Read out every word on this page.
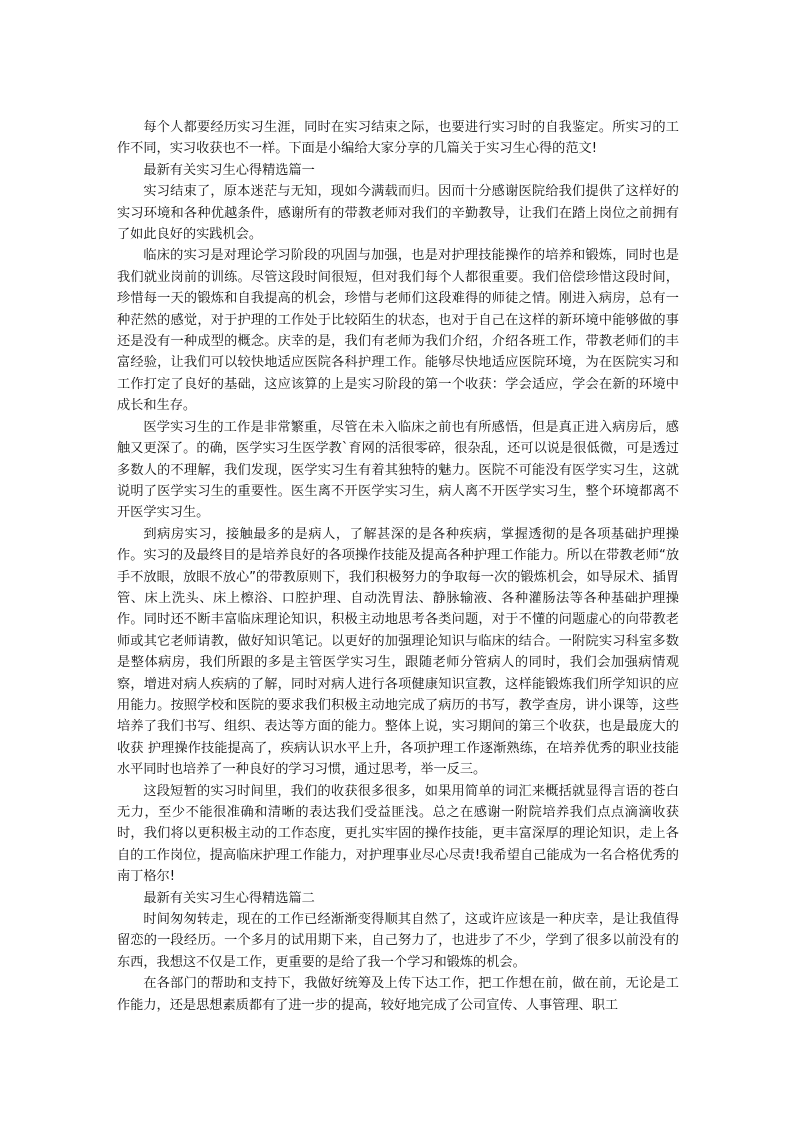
每个人都要经历实习生涯，同时在实习结束之际，也要进行实习时的自我鉴定。所实习的工作不同，实习收获也不一样。下面是小编给大家分享的几篇关于实习生心得的范文!

最新有关实习生心得精选篇一

实习结束了，原本迷茫与无知，现如今满载而归。因而十分感谢医院给我们提供了这样好的实习环境和各种优越条件，感谢所有的带教老师对我们的辛勤教导，让我们在踏上岗位之前拥有了如此良好的实践机会。

临床的实习是对理论学习阶段的巩固与加强，也是对护理技能操作的培养和锻炼，同时也是我们就业岗前的训练。尽管这段时间很短，但对我们每个人都很重要。我们倍偿珍惜这段时间，珍惜每一天的锻炼和自我提高的机会，珍惜与老师们这段难得的师徒之情。刚进入病房，总有一种茫然的感觉，对于护理的工作处于比较陌生的状态，也对于自己在这样的新环境中能够做的事还是没有一种成型的概念。庆幸的是，我们有老师为我们介绍，介绍各班工作，带教老师们的丰富经验，让我们可以较快地适应医院各科护理工作。能够尽快地适应医院环境，为在医院实习和工作打定了良好的基础，这应该算的上是实习阶段的第一个收获：学会适应，学会在新的环境中成长和生存。

医学实习生的工作是非常繁重，尽管在未入临床之前也有所感悟，但是真正进入病房后，感触又更深了。的确，医学实习生医学教`育网的活很零碎，很杂乱，还可以说是很低微，可是透过多数人的不理解，我们发现，医学实习生有着其独特的魅力。医院不可能没有医学实习生，这就说明了医学实习生的重要性。医生离不开医学实习生，病人离不开医学实习生，整个环境都离不开医学实习生。

到病房实习，接触最多的是病人，了解甚深的是各种疾病，掌握透彻的是各项基础护理操作。实习的及最终目的是培养良好的各项操作技能及提高各种护理工作能力。所以在带教老师“放手不放眼，放眼不放心”的带教原则下，我们积极努力的争取每一次的锻炼机会，如导尿术、插胃管、床上洗头、床上檫浴、口腔护理、自动洗胃法、静脉输液、各种灌肠法等各种基础护理操作。同时还不断丰富临床理论知识，积极主动地思考各类问题，对于不懂的问题虚心的向带教老师或其它老师请教，做好知识笔记。以更好的加强理论知识与临床的结合。一附院实习科室多数是整体病房，我们所跟的多是主管医学实习生，跟随老师分管病人的同时，我们会加强病情观察，增进对病人疾病的了解，同时对病人进行各项健康知识宣教，这样能锻炼我们所学知识的应用能力。按照学校和医院的要求我们积极主动地完成了病历的书写，教学查房，讲小课等，这些培养了我们书写、组织、表达等方面的能力。整体上说，实习期间的第三个收获，也是最庞大的收获 护理操作技能提高了，疾病认识水平上升，各项护理工作逐渐熟练，在培养优秀的职业技能水平同时也培养了一种良好的学习习惯，通过思考，举一反三。

这段短暂的实习时间里，我们的收获很多很多，如果用简单的词汇来概括就显得言语的苍白无力，至少不能很准确和清晰的表达我们受益匪浅。总之在感谢一附院培养我们点点滴滴收获时，我们将以更积极主动的工作态度，更扎实牢固的操作技能，更丰富深厚的理论知识，走上各自的工作岗位，提高临床护理工作能力，对护理事业尽心尽责!我希望自己能成为一名合格优秀的南丁格尔!

最新有关实习生心得精选篇二

时间匆匆转走，现在的工作已经渐渐变得顺其自然了，这或许应该是一种庆幸，是让我值得留恋的一段经历。一个多月的试用期下来，自己努力了，也进步了不少，学到了很多以前没有的东西，我想这不仅是工作，更重要的是给了我一个学习和锻炼的机会。

在各部门的帮助和支持下，我做好统筹及上传下达工作，把工作想在前，做在前，无论是工作能力，还是思想素质都有了进一步的提高，较好地完成了公司宣传、人事管理、职工
